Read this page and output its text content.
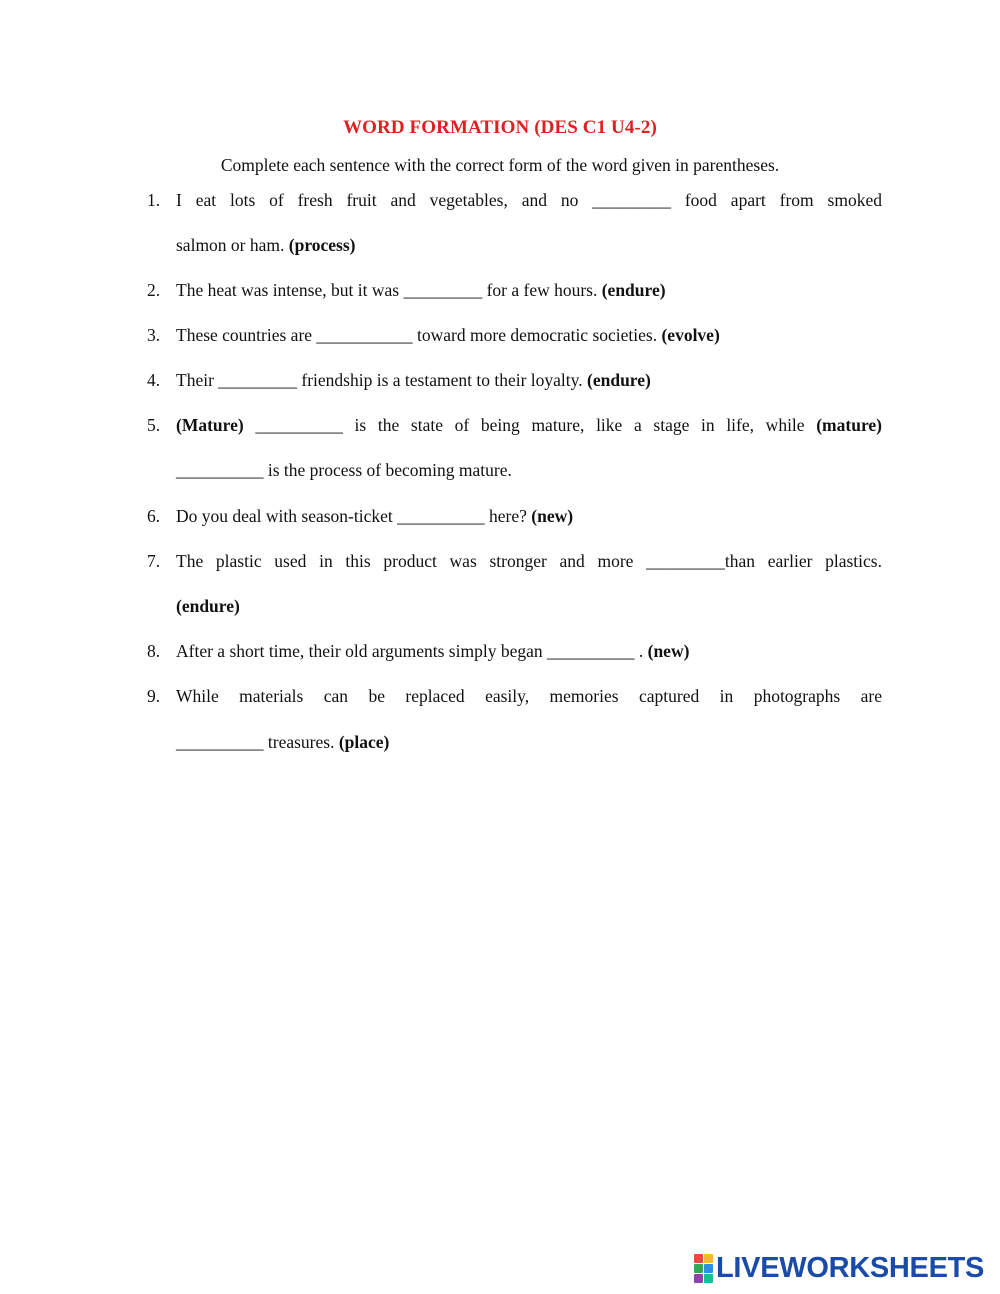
WORD FORMATION (DES C1 U4-2)
Complete each sentence with the correct form of the word given in parentheses.
1. I eat lots of fresh fruit and vegetables, and no _________ food apart from smoked
salmon or ham. (process)
2. The heat was intense, but it was _________ for a few hours. (endure)
3. These countries are ___________ toward more democratic societies. (evolve)
4. Their _________ friendship is a testament to their loyalty. (endure)
5. (Mature) __________ is the state of being mature, like a stage in life, while (mature)
__________ is the process of becoming mature.
6. Do you deal with season-ticket __________ here? (new)
7. The plastic used in this product was stronger and more _________than earlier plastics.
(endure)
8. After a short time, their old arguments simply began __________ . (new)
9. While materials can be replaced easily, memories captured in photographs are
__________ treasures. (place)
LIVEWORKSHEETS
